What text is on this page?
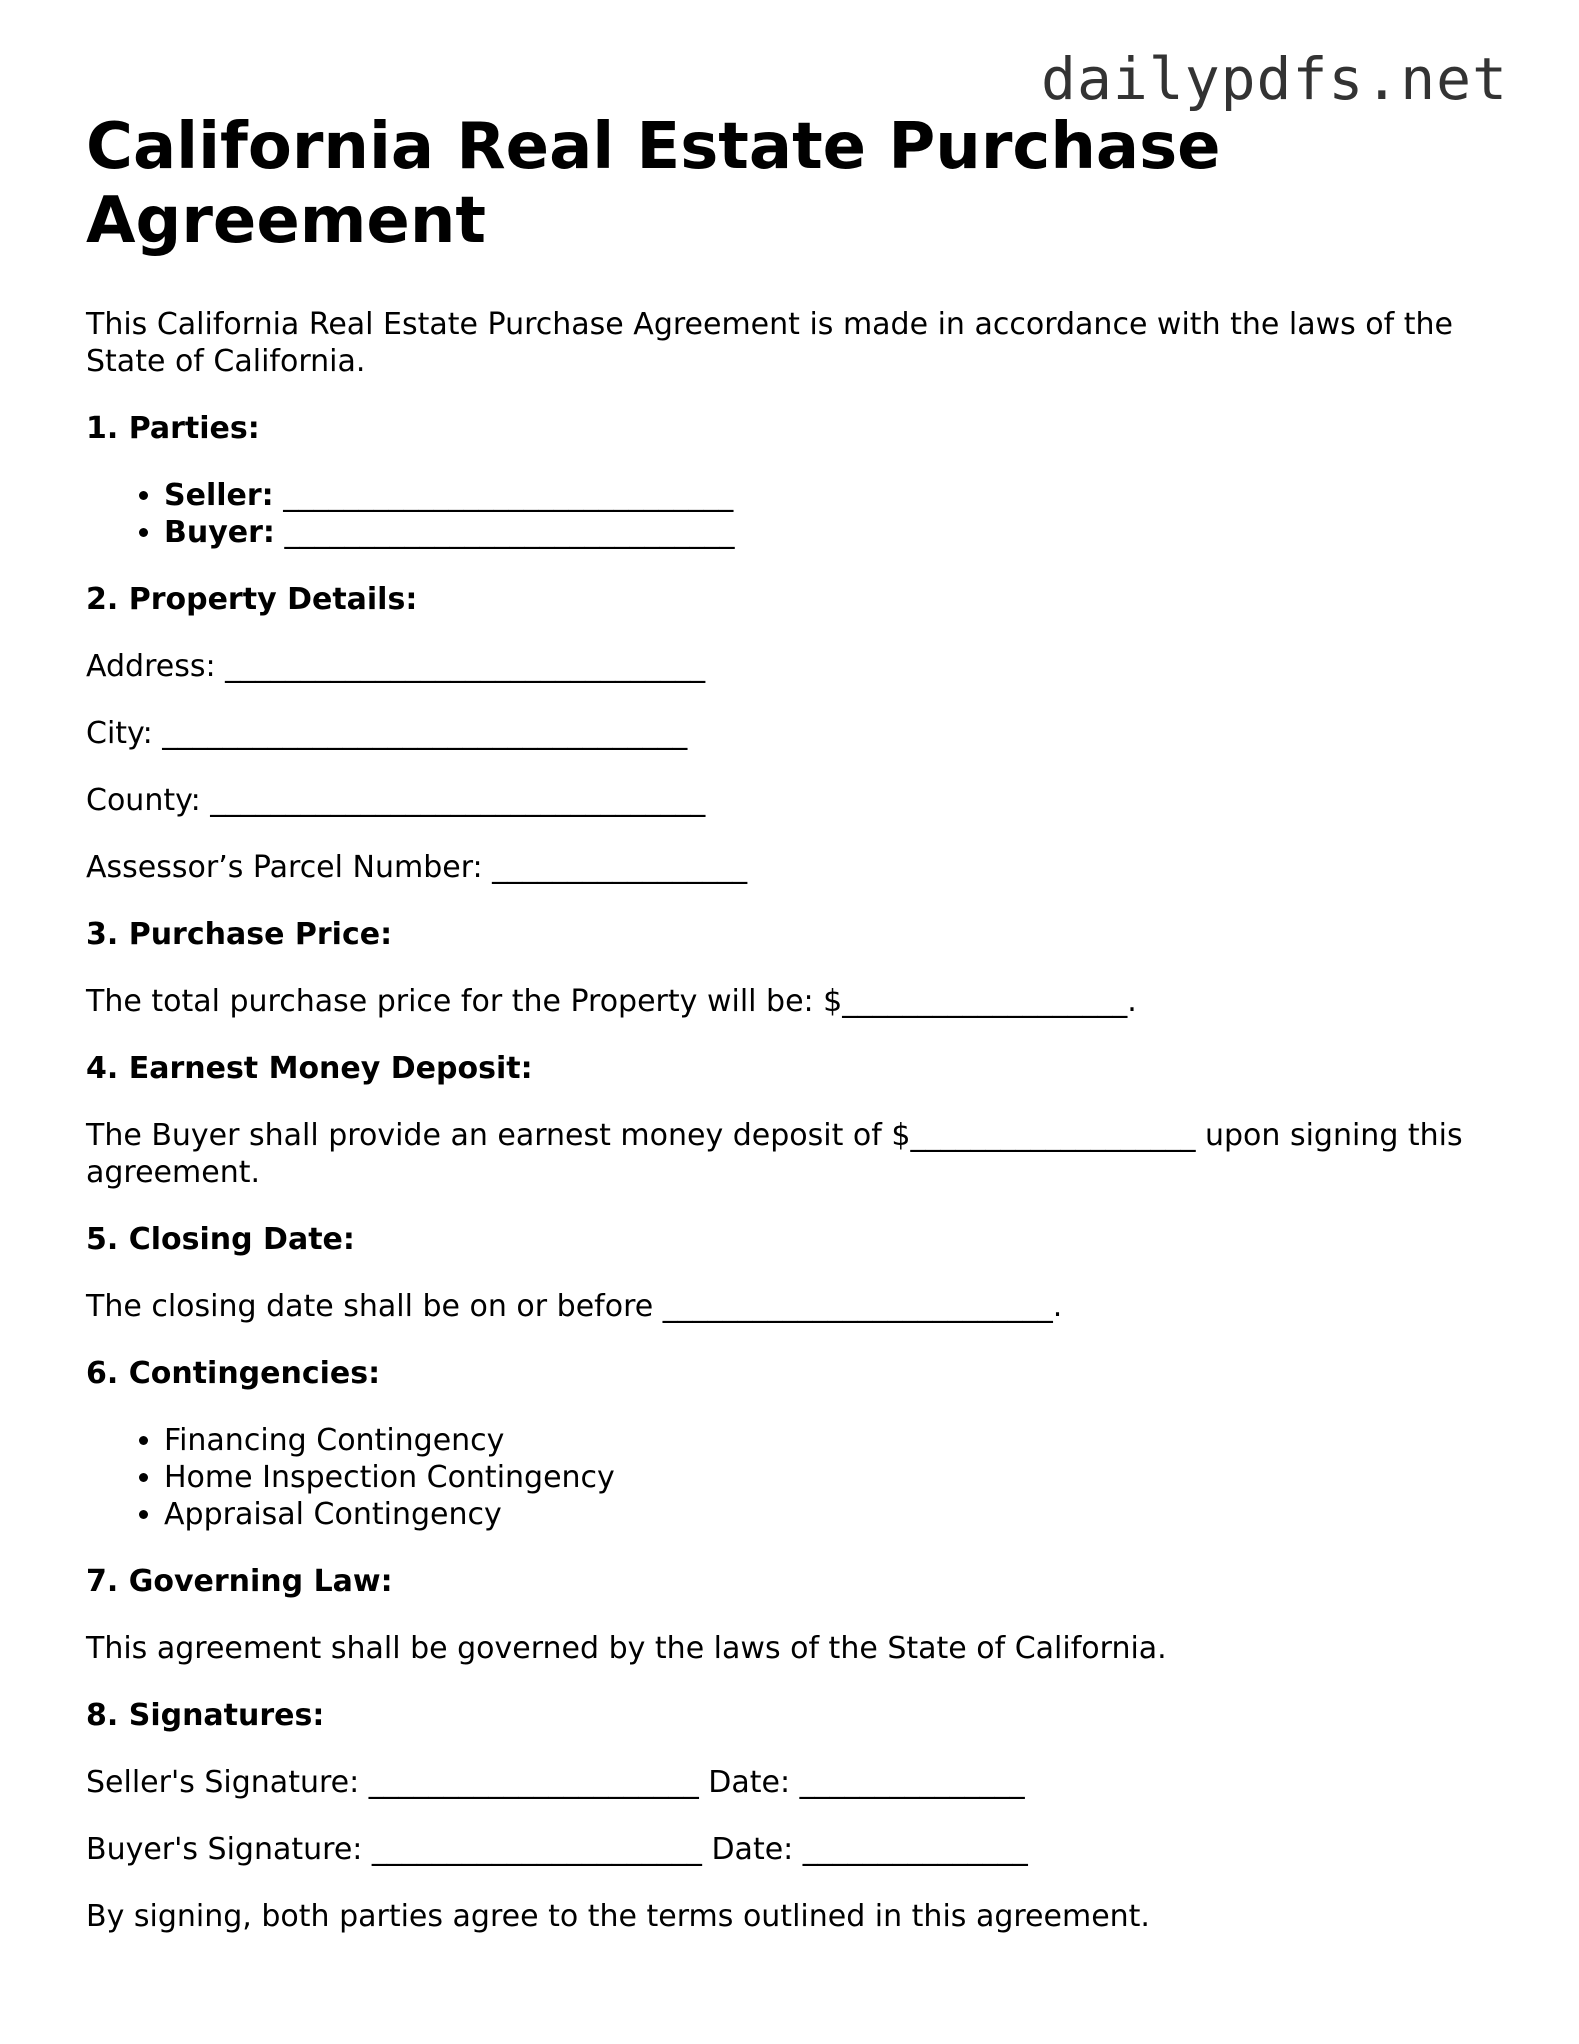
dailypdfs.net
California Real Estate Purchase Agreement

This California Real Estate Purchase Agreement is made in accordance with the laws of the State of California.

1. Parties:
• Seller: ______________________________
• Buyer: ______________________________
2. Property Details:

Address: ________________________________

City: ___________________________________

County: _________________________________

Assessor’s Parcel Number: _________________

3. Purchase Price:

The total purchase price for the Property will be: $___________________.

4. Earnest Money Deposit:

The Buyer shall provide an earnest money deposit of $___________________ upon signing this agreement.

5. Closing Date:

The closing date shall be on or before __________________________.

6. Contingencies:
• Financing Contingency
• Home Inspection Contingency
• Appraisal Contingency
7. Governing Law:

This agreement shall be governed by the laws of the State of California.

8. Signatures:

Seller's Signature: ______________________ Date: _______________

Buyer's Signature: ______________________ Date: _______________

By signing, both parties agree to the terms outlined in this agreement.
